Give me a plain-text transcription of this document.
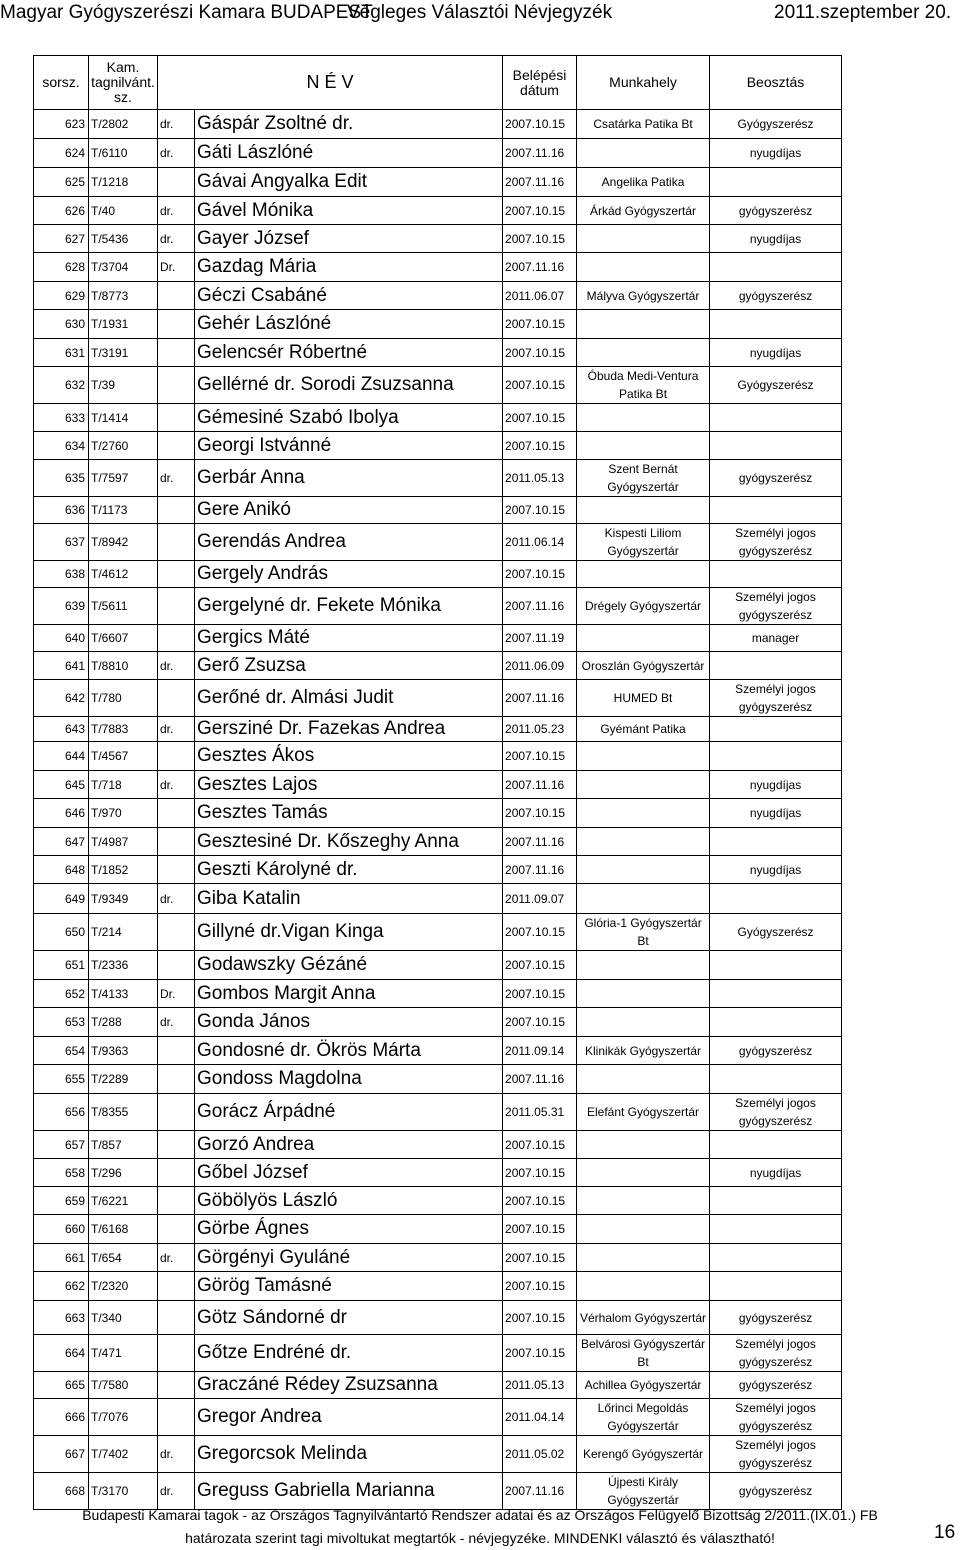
Magyar Gyógyszerészi Kamara BUDAPEST
Végleges Választói Névjegyzék	2011.szeptember 20.
sorsz.	Kam. tagnilvánt. sz.	N É V		Belépési dátum	Munkahely	Beosztás
623	T/2802	dr.	Gáspár Zsoltné dr.	2007.10.15	Csatárka Patika Bt	Gyógyszerész
624	T/6110	dr.	Gáti Lászlóné	2007.11.16		nyugdíjas
625	T/1218		Gávai Angyalka Edit	2007.11.16	Angelika Patika	
626	T/40	dr.	Gável Mónika	2007.10.15	Árkád Gyógyszertár	gyógyszerész
627	T/5436	dr.	Gayer József	2007.10.15		nyugdíjas
628	T/3704	Dr.	Gazdag Mária	2007.11.16		
629	T/8773		Géczi Csabáné	2011.06.07	Mályva Gyógyszertár	gyógyszerész
630	T/1931		Gehér Lászlóné	2007.10.15		
631	T/3191		Gelencsér Róbertné	2007.10.15		nyugdíjas
632	T/39		Gellérné dr. Sorodi Zsuzsanna	2007.10.15	Óbuda Medi-Ventura Patika Bt	Gyógyszerész
633	T/1414		Gémesiné Szabó Ibolya	2007.10.15		
634	T/2760		Georgi Istvánné	2007.10.15		
635	T/7597	dr.	Gerbár Anna	2011.05.13	Szent Bernát Gyógyszertár	gyógyszerész
636	T/1173		Gere Anikó	2007.10.15		
637	T/8942		Gerendás Andrea	2011.06.14	Kispesti Liliom Gyógyszertár	Személyi jogos gyógyszerész
638	T/4612		Gergely András	2007.10.15		
639	T/5611		Gergelyné dr. Fekete Mónika	2007.11.16	Drégely Gyógyszertár	Személyi jogos gyógyszerész
640	T/6607		Gergics Máté	2007.11.19		manager
641	T/8810	dr.	Gerő Zsuzsa	2011.06.09	Oroszlán Gyógyszertár	
642	T/780		Gerőné dr. Almási Judit	2007.11.16	HUMED Bt	Személyi jogos gyógyszerész
643	T/7883	dr.	Gersziné Dr. Fazekas Andrea	2011.05.23	Gyémánt Patika	
644	T/4567		Gesztes Ákos	2007.10.15		
645	T/718	dr.	Gesztes Lajos	2007.11.16		nyugdíjas
646	T/970		Gesztes Tamás	2007.10.15		nyugdíjas
647	T/4987		Gesztesiné Dr. Kőszeghy Anna	2007.11.16		
648	T/1852		Geszti Károlyné dr.	2007.11.16		nyugdíjas
649	T/9349	dr.	Giba Katalin	2011.09.07		
650	T/214		Gillyné dr.Vigan Kinga	2007.10.15	Glória-1 Gyógyszertár Bt	Gyógyszerész
651	T/2336		Godawszky Gézáné	2007.10.15		
652	T/4133	Dr.	Gombos Margit Anna	2007.10.15		
653	T/288	dr.	Gonda János	2007.10.15		
654	T/9363		Gondosné dr. Ökrös Márta	2011.09.14	Klinikák Gyógyszertár	gyógyszerész
655	T/2289		Gondoss Magdolna	2007.11.16		
656	T/8355		Gorácz Árpádné	2011.05.31	Elefánt Gyógyszertár	Személyi jogos gyógyszerész
657	T/857		Gorzó Andrea	2007.10.15		
658	T/296		Gőbel József	2007.10.15		nyugdíjas
659	T/6221		Göbölyös László	2007.10.15		
660	T/6168		Görbe Ágnes	2007.10.15		
661	T/654	dr.	Görgényi Gyuláné	2007.10.15		
662	T/2320		Görög Tamásné	2007.10.15		
663	T/340		Götz Sándorné dr	2007.10.15	Vérhalom Gyógyszertár	gyógyszerész
664	T/471		Gőtze Endréné dr.	2007.10.15	Belvárosi Gyógyszertár Bt	Személyi jogos gyógyszerész
665	T/7580		Graczáné Rédey Zsuzsanna	2011.05.13	Achillea Gyógyszertár	gyógyszerész
666	T/7076		Gregor Andrea	2011.04.14	Lőrinci Megoldás Gyógyszertár	Személyi jogos gyógyszerész
667	T/7402	dr.	Gregorcsok Melinda	2011.05.02	Kerengő Gyógyszertár	Személyi jogos gyógyszerész
668	T/3170	dr.	Greguss Gabriella Marianna	2007.11.16	Újpesti Király Gyógyszertár	gyógyszerész
Budapesti Kamarai tagok - az Országos Tagnyilvántartó Rendszer adatai és az Országos Felügyelő Bizottság 2/2011.(IX.01.) FB
határozata szerint tagi mivoltukat megtartók - névjegyzéke. MINDENKI választó és választható!	16
